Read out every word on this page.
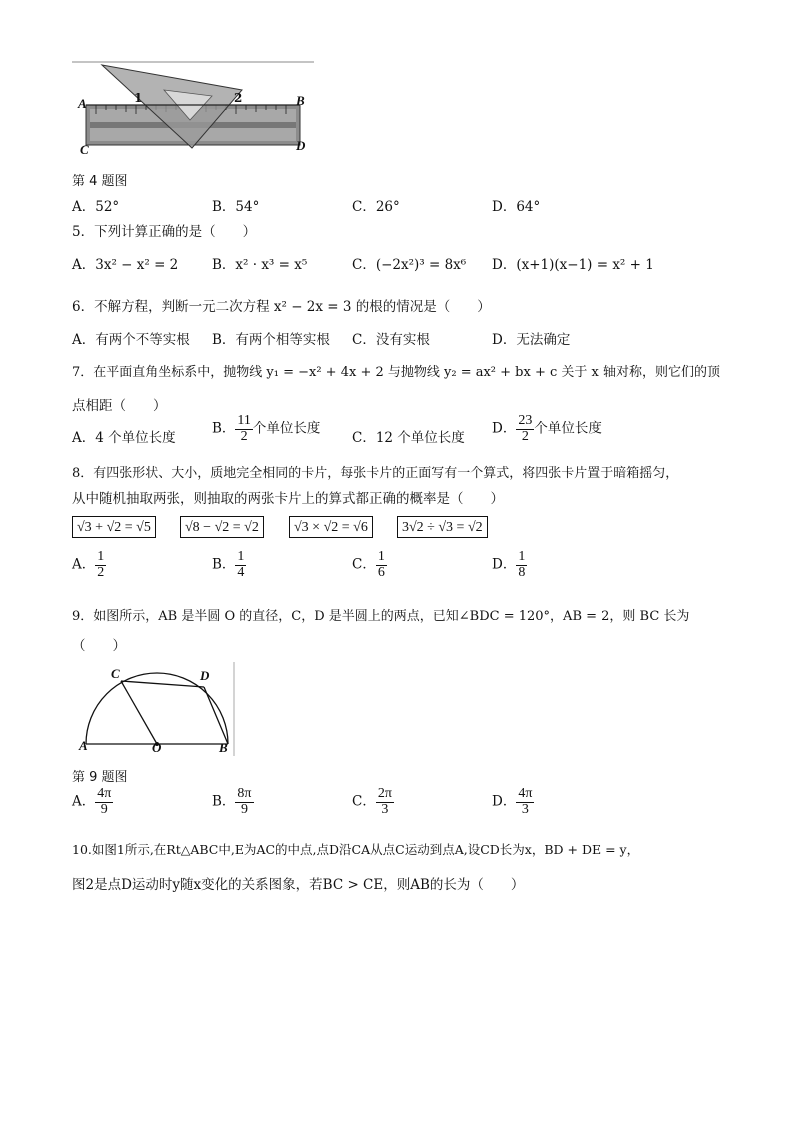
A	B
C	D
1	2
第 4 题图
A．52°	B．54°	C．26°	D．64°
5．下列计算正确的是（　　）
A．3x² − x² = 2 B．x² · x³ = x⁵	C．(−2x²)³ = 8x⁶ D．(x+1)(x−1) = x² + 1
6．不解方程，判断一元二次方程 x² − 2x = 3 的根的情况是（　　）
A．有两个不等实根 B．有两个相等实根 C．没有实根	D．无法确定
7．在平面直角坐标系中，抛物线 y₁ = −x² + 4x + 2 与抛物线 y₂ = ax² + bx + c 关于 x 轴对称，则它们的顶
点相距（　　）
A．4 个单位长度
B． $\frac{11}{2}$ 个单位长度
C．12 个单位长度
D． $\frac{23}{2}$ 个单位长度
8．有四张形状、大小，质地完全相同的卡片，每张卡片的正面写有一个算式，将四张卡片置于暗箱摇匀，
从中随机抽取两张，则抽取的两张卡片上的算式都正确的概率是（　　）
√3 + √2 = √5	√8 − √2 = √2	√3 × √2 = √6	3√2 ÷ √3 = √2
A． $\frac{1}{2}$	B． $\frac{1}{4}$	C． $\frac{1}{6}$	D． $\frac{1}{8}$
9．如图所示，AB 是半圆 O 的直径，C，D 是半圆上的两点，已知∠BDC = 120°，AB = 2，则 BC 长为
（　　）
A	B
C	D
O
第 9 题图
A． $\frac{4\pi}{9}$	B． $\frac{8\pi}{9}$	C． $\frac{2\pi}{3}$	D． $\frac{4\pi}{3}$
10.如图1所示,在Rt△ABC中,E为AC的中点,点D沿CA从点C运动到点A,设CD长为x，BD + DE = y，
图2是点D运动时y随x变化的关系图象，若BC > CE，则AB的长为（　　）
